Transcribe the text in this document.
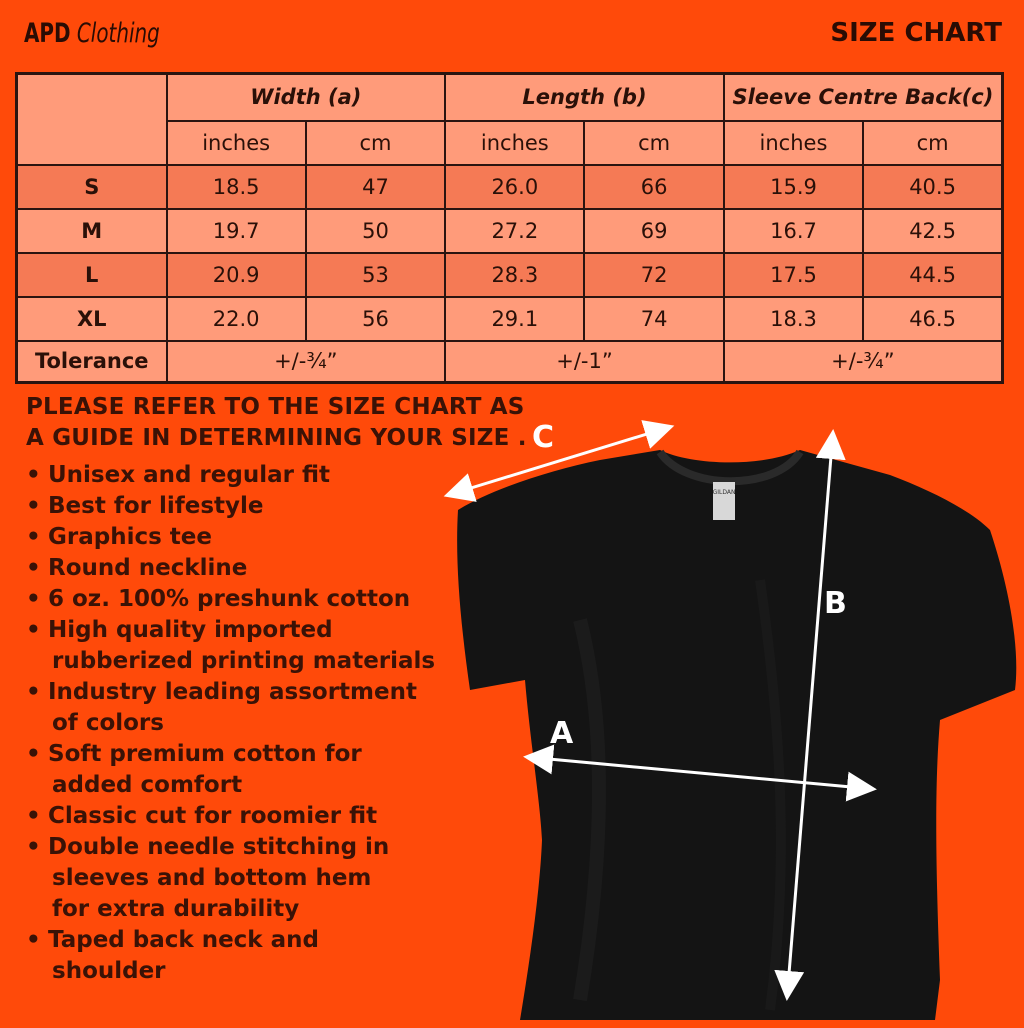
APD Clothing	SIZE CHART
	Width (a)		Length (b)		Sleeve Centre Back(c)	
	inches	cm	inches	cm	inches	cm
S	18.5	47	26.0	66	15.9	40.5
M	19.7	50	27.2	69	16.7	42.5
L	20.9	53	28.3	72	17.5	44.5
XL	22.0	56	29.1	74	18.3	46.5
Tolerance	+/-¾”		+/-1”		+/-¾”	
PLEASE REFER TO THE SIZE CHART AS
A GUIDE IN DETERMINING YOUR SIZE .
• Unisex and regular fit
• Best for lifestyle
• Graphics tee
• Round neckline
• 6 oz. 100% preshunk cotton
• High quality imported
rubberized printing materials
• Industry leading assortment
of colors
• Soft premium cotton for
added comfort
• Classic cut for roomier fit
• Double needle stitching in
sleeves and bottom hem
for extra durability
• Taped back neck and
shoulder
GILDAN
C
B
A
